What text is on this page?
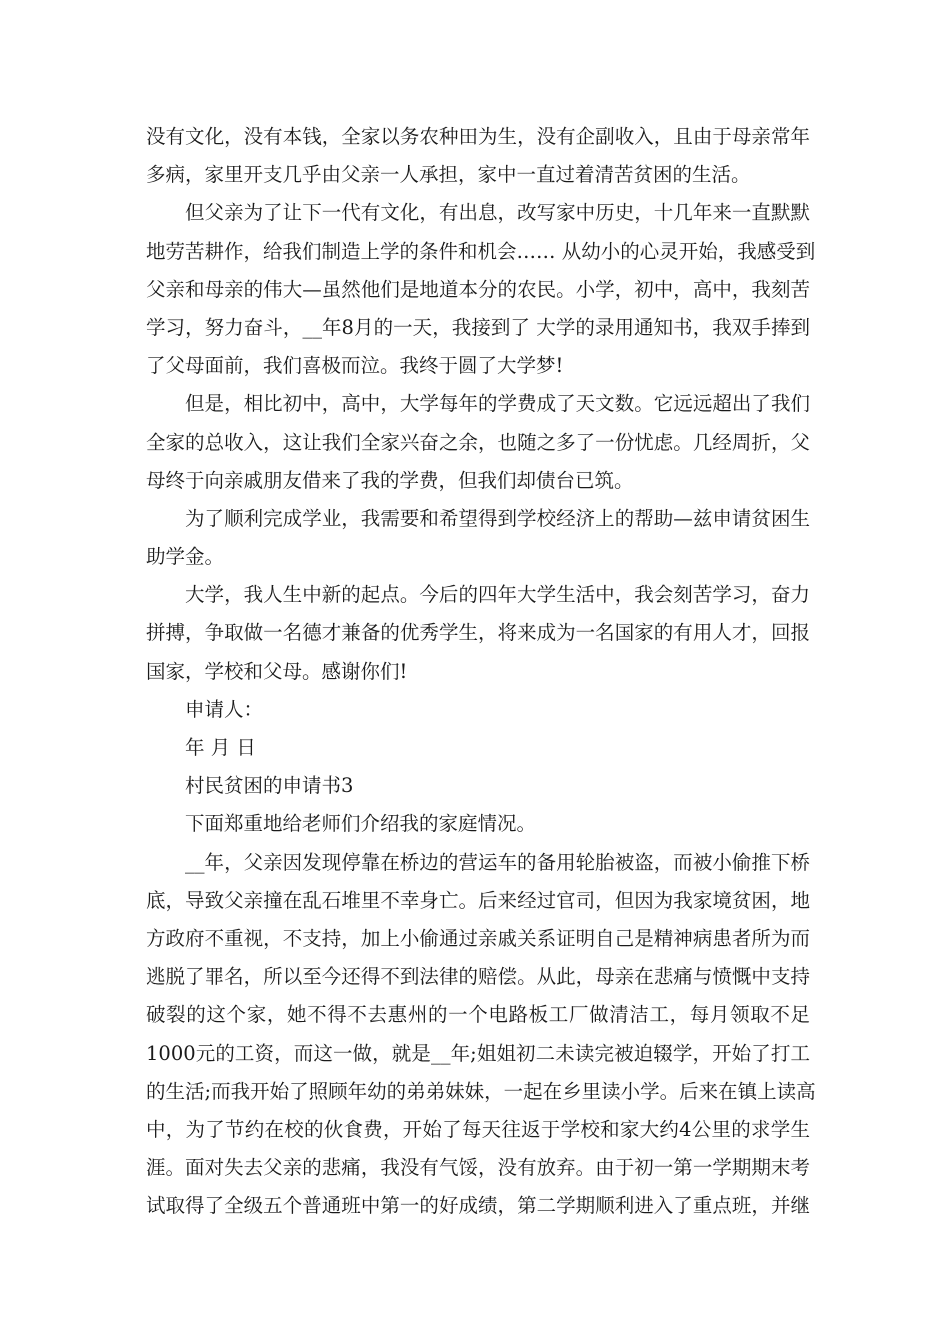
没有文化，没有本钱，全家以务农种田为生，没有企副收入，且由于母亲常年
多病，家里开支几乎由父亲一人承担，家中一直过着清苦贫困的生活。
但父亲为了让下一代有文化，有出息，改写家中历史，十几年来一直默默
地劳苦耕作，给我们制造上学的条件和机会…… 从幼小的心灵开始，我感受到
父亲和母亲的伟大—虽然他们是地道本分的农民。小学，初中，高中，我刻苦
学习，努力奋斗，__年8月的一天，我接到了 大学的录用通知书，我双手捧到
了父母面前，我们喜极而泣。我终于圆了大学梦!
但是，相比初中，高中，大学每年的学费成了天文数。它远远超出了我们
全家的总收入，这让我们全家兴奋之余，也随之多了一份忧虑。几经周折，父
母终于向亲戚朋友借来了我的学费，但我们却债台已筑。
为了顺利完成学业，我需要和希望得到学校经济上的帮助—兹申请贫困生
助学金。
大学，我人生中新的起点。今后的四年大学生活中，我会刻苦学习，奋力
拼搏，争取做一名德才兼备的优秀学生，将来成为一名国家的有用人才，回报
国家，学校和父母。感谢你们!
申请人：
年 月 日
村民贫困的申请书3
下面郑重地给老师们介绍我的家庭情况。
__年，父亲因发现停靠在桥边的营运车的备用轮胎被盗，而被小偷推下桥
底，导致父亲撞在乱石堆里不幸身亡。后来经过官司，但因为我家境贫困，地
方政府不重视，不支持，加上小偷通过亲戚关系证明自己是精神病患者所为而
逃脱了罪名，所以至今还得不到法律的赔偿。从此，母亲在悲痛与愤慨中支持
破裂的这个家，她不得不去惠州的一个电路板工厂做清洁工，每月领取不足
1000元的工资，而这一做，就是__年;姐姐初二未读完被迫辍学，开始了打工
的生活;而我开始了照顾年幼的弟弟妹妹，一起在乡里读小学。后来在镇上读高
中，为了节约在校的伙食费，开始了每天往返于学校和家大约4公里的求学生
涯。面对失去父亲的悲痛，我没有气馁，没有放弃。由于初一第一学期期末考
试取得了全级五个普通班中第一的好成绩，第二学期顺利进入了重点班，并继
